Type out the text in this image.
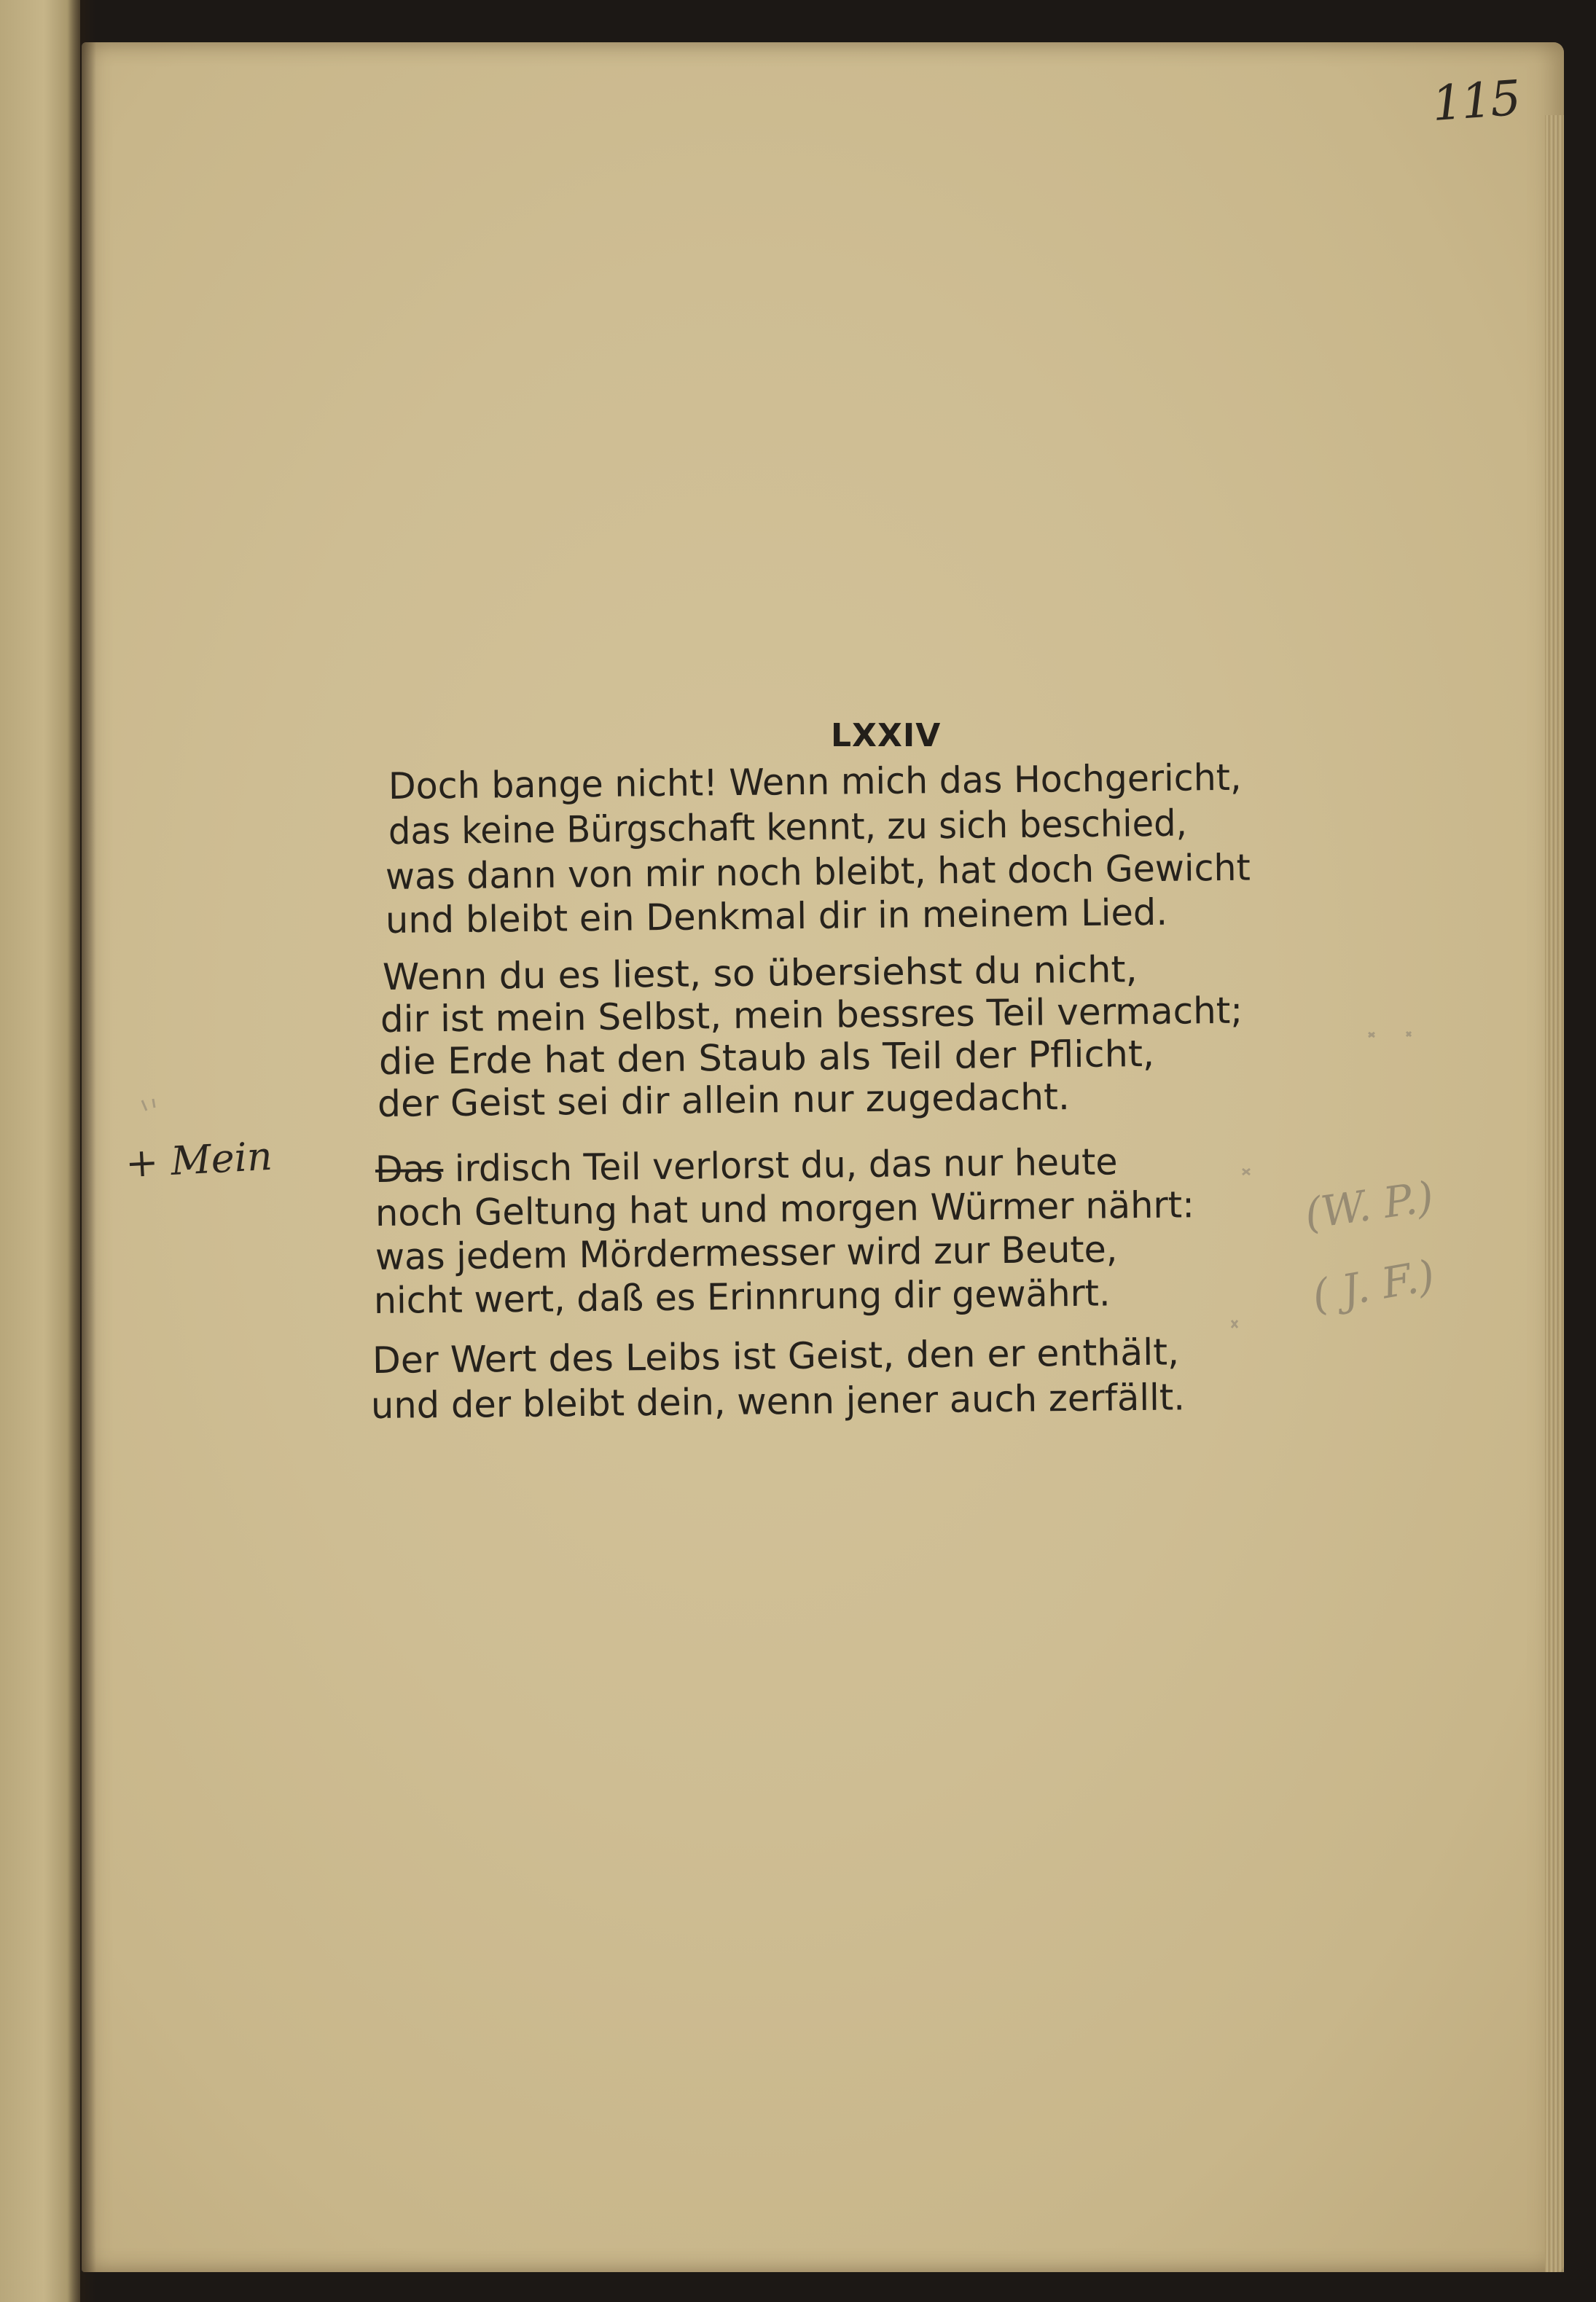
115
LXXIV
Doch bange nicht! Wenn mich das Hochgericht,
das keine Bürgschaft kennt, zu sich beschied,
was dann von mir noch bleibt, hat doch Gewicht
und bleibt ein Denkmal dir in meinem Lied.
Wenn du es liest, so übersiehst du nicht,
dir ist mein Selbst, mein bessres Teil vermacht;
die Erde hat den Staub als Teil der Pflicht,
der Geist sei dir allein nur zugedacht.
Das irdisch Teil verlorst du, das nur heute
noch Geltung hat und morgen Würmer nährt:
was jedem Mördermesser wird zur Beute,
nicht wert, daß es Erinnrung dir gewährt.
Der Wert des Leibs ist Geist, den er enthält,
und der bleibt dein, wenn jener auch zerfällt.
+ Mein
(W. P.)
( J. F.)
